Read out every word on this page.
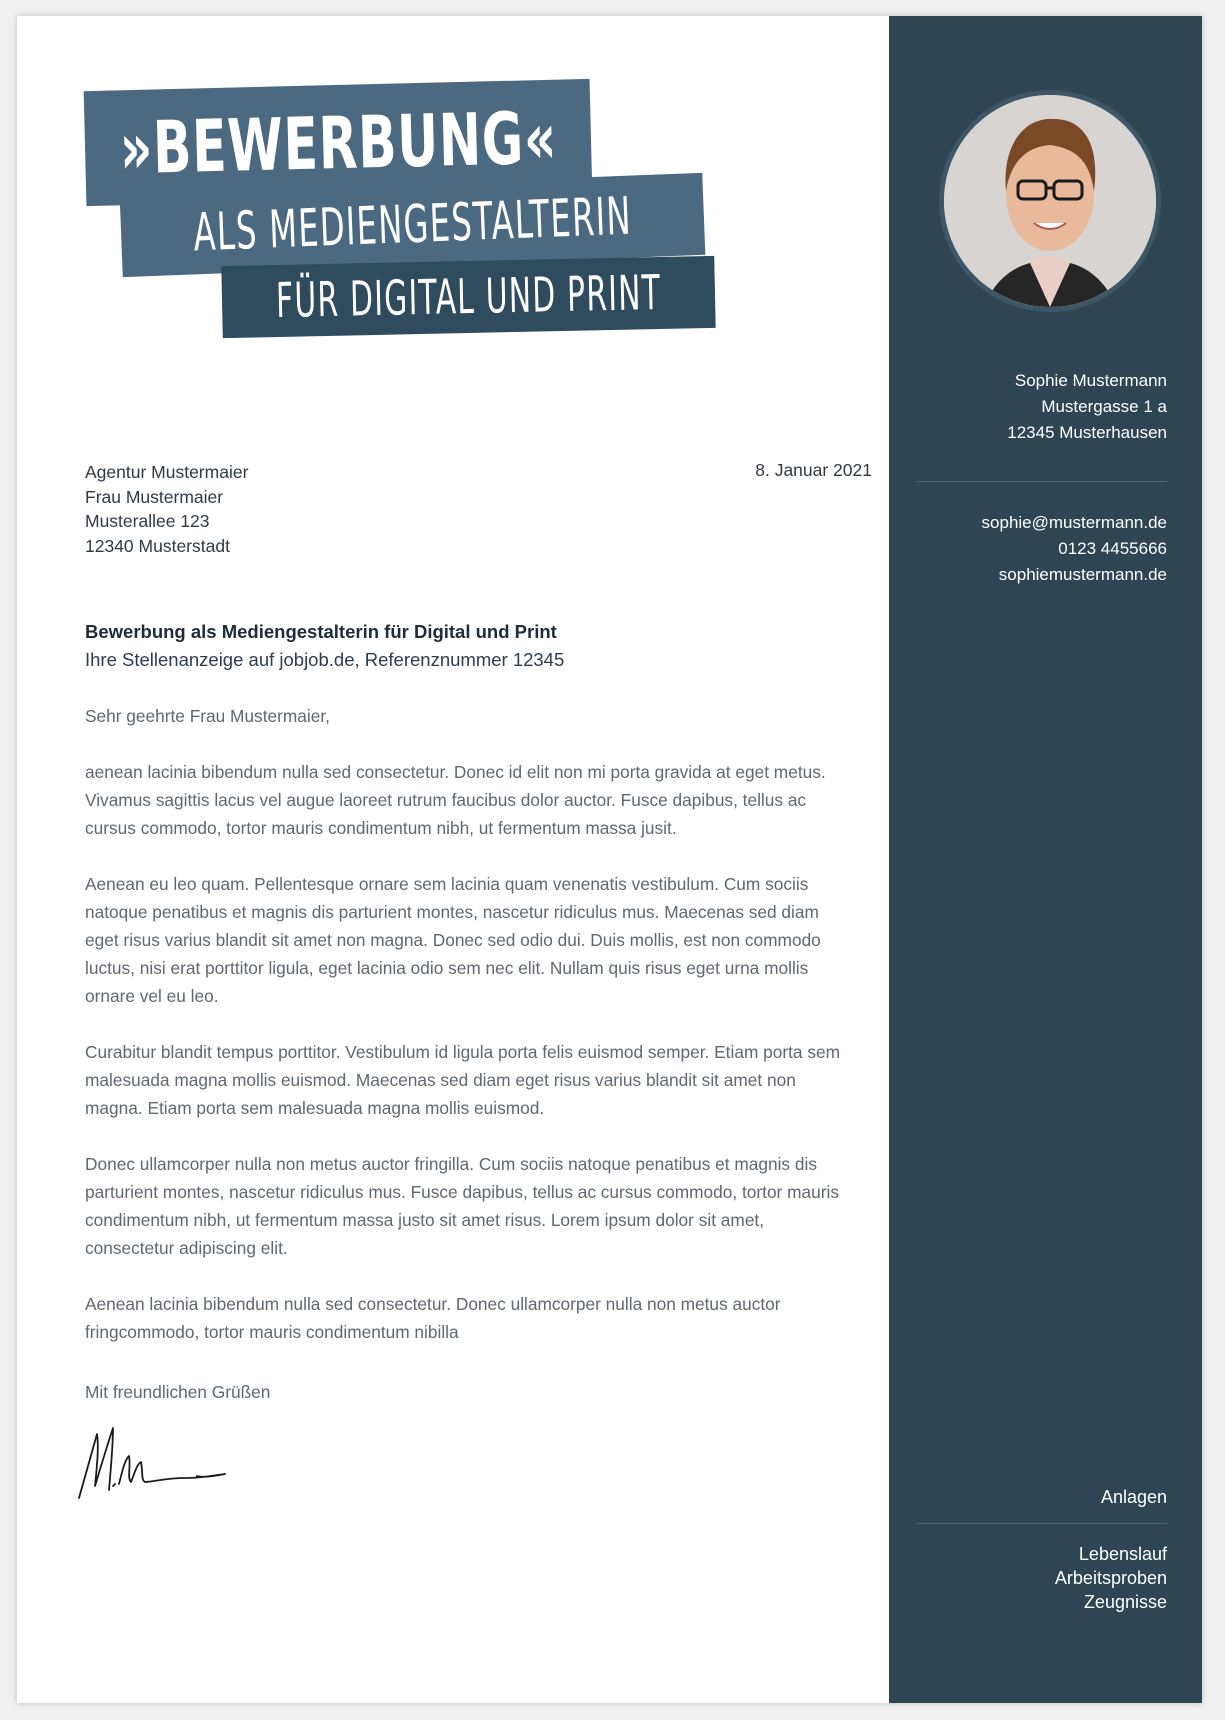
»BEWERBUNG«
ALS MEDIENGESTALTERIN
FÜR DIGITAL UND PRINT
Agentur Mustermaier
Frau Mustermaier
Musterallee 123
12340 Musterstadt
8. Januar 2021
Bewerbung als Mediengestalterin für Digital und Print
Ihre Stellenanzeige auf jobjob.de, Referenznummer 12345

Sehr geehrte Frau Mustermaier,

aenean lacinia bibendum nulla sed consectetur. Donec id elit non mi porta gravida at eget metus. Vivamus sagittis lacus vel augue laoreet rutrum faucibus dolor auctor. Fusce dapibus, tellus ac cursus commodo, tortor mauris condimentum nibh, ut fermentum massa jusit.

Aenean eu leo quam. Pellentesque ornare sem lacinia quam venenatis vestibulum. Cum sociis natoque penatibus et magnis dis parturient montes, nascetur ridiculus mus. Maecenas sed diam eget risus varius blandit sit amet non magna. Donec sed odio dui. Duis mollis, est non commodo luctus, nisi erat porttitor ligula, eget lacinia odio sem nec elit. Nullam quis risus eget urna mollis ornare vel eu leo.

Curabitur blandit tempus porttitor. Vestibulum id ligula porta felis euismod semper. Etiam porta sem malesuada magna mollis euismod. Maecenas sed diam eget risus varius blandit sit amet non magna. Etiam porta sem malesuada magna mollis euismod.

Donec ullamcorper nulla non metus auctor fringilla. Cum sociis natoque penatibus et magnis dis parturient montes, nascetur ridiculus mus. Fusce dapibus, tellus ac cursus commodo, tortor mauris condimentum nibh, ut fermentum massa justo sit amet risus. Lorem ipsum dolor sit amet, consectetur adipiscing elit.

Aenean lacinia bibendum nulla sed consectetur. Donec ullamcorper nulla non metus auctor fringcommodo, tortor mauris condimentum nibilla

Mit freundlichen Grüßen
Sophie Mustermann
Mustergasse 1 a
12345 Musterhausen
sophie@mustermann.de
0123 4455666
sophiemustermann.de
Anlagen
Lebenslauf
Arbeitsproben
Zeugnisse
